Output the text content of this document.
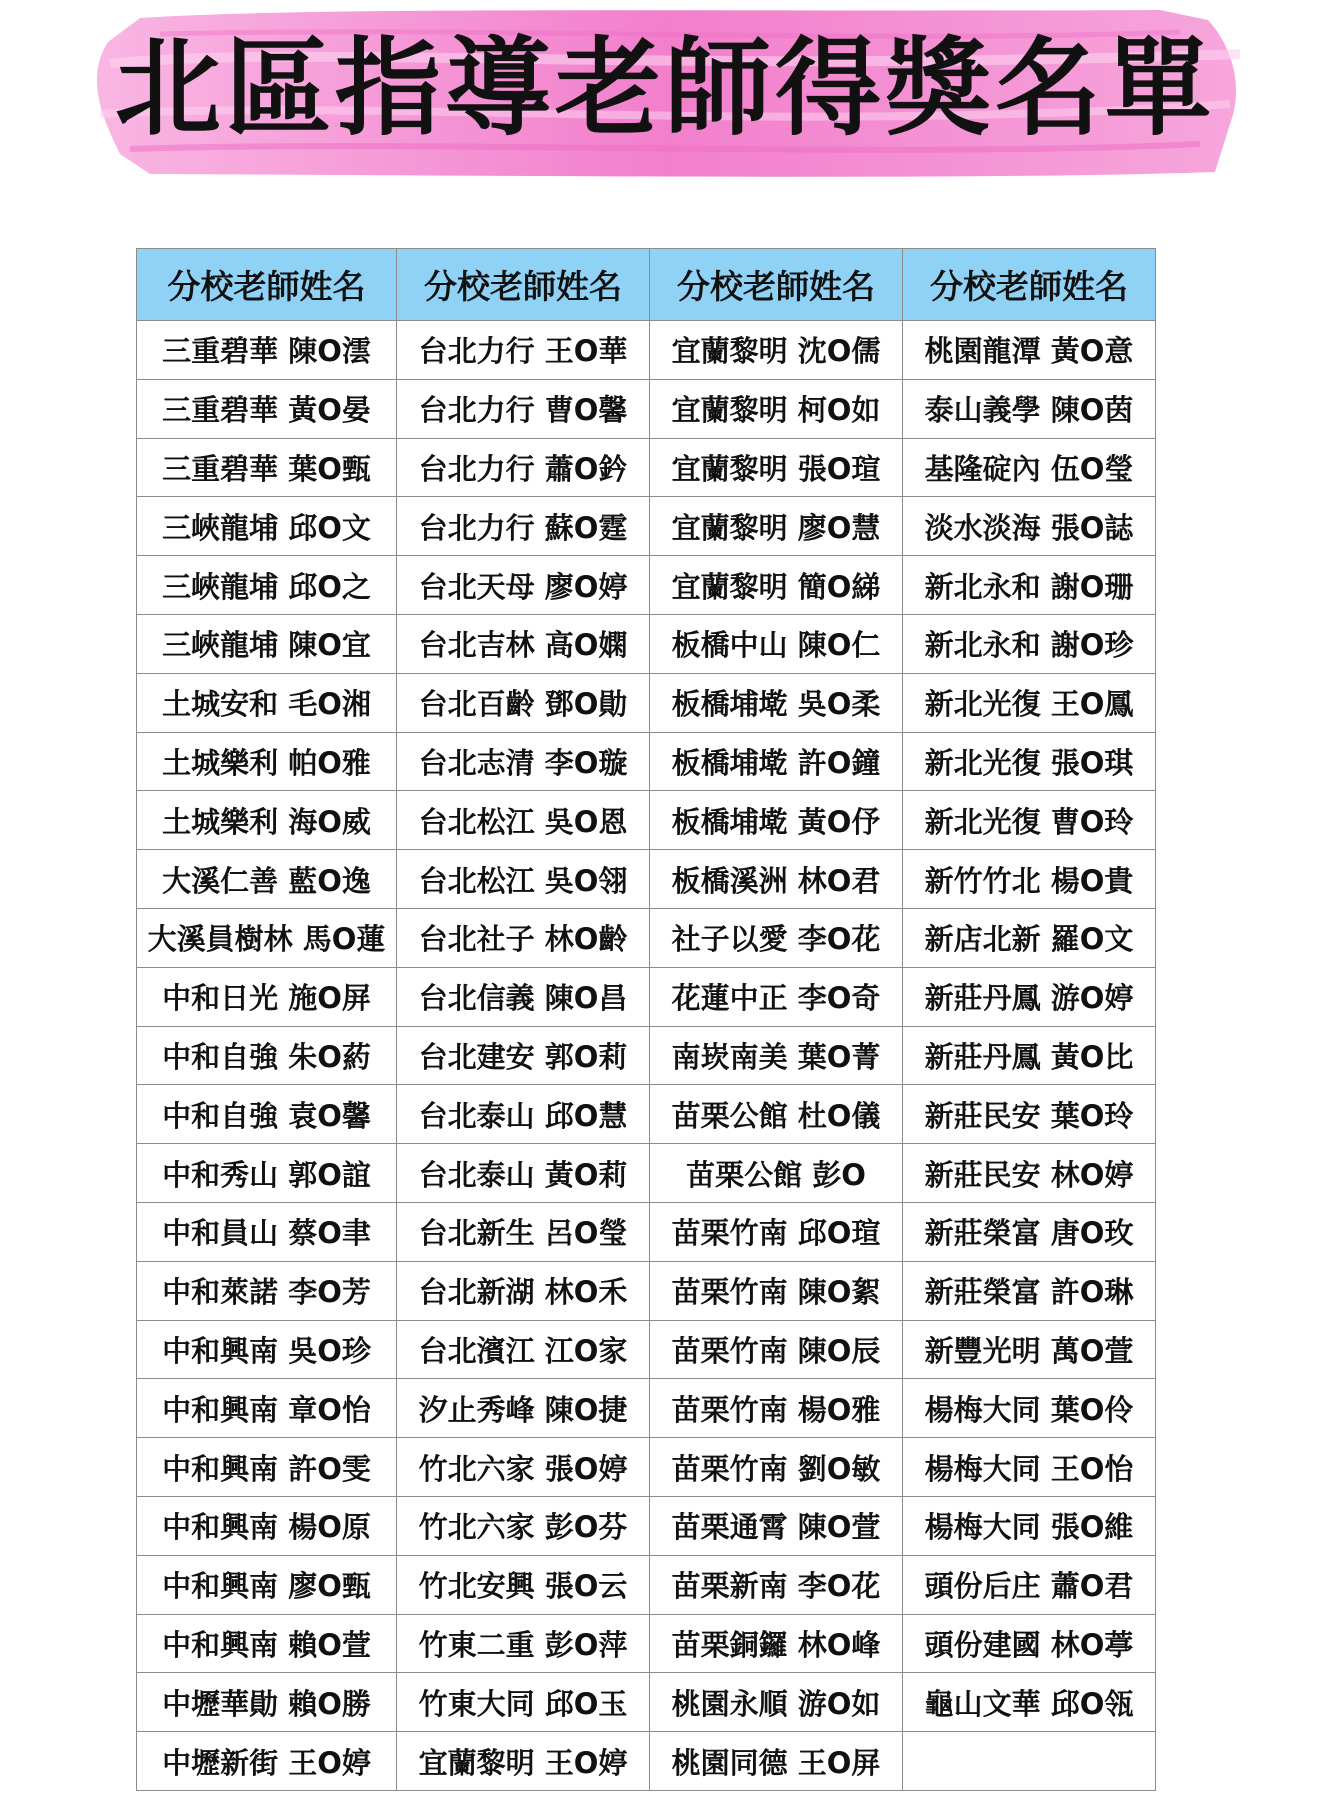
北區指導老師得獎名單
分校老師姓名	分校老師姓名	分校老師姓名	分校老師姓名
三重碧華 陳O澐	台北力行 王O華	宜蘭黎明 沈O儒	桃園龍潭 黃O意
三重碧華 黃O晏	台北力行 曹O馨	宜蘭黎明 柯O如	泰山義學 陳O茵
三重碧華 葉O甄	台北力行 蕭O鈐	宜蘭黎明 張O瑄	基隆碇內 伍O瑩
三峽龍埔 邱O文	台北力行 蘇O霆	宜蘭黎明 廖O慧	淡水淡海 張O誌
三峽龍埔 邱O之	台北天母 廖O婷	宜蘭黎明 簡O綈	新北永和 謝O珊
三峽龍埔 陳O宜	台北吉林 高O嫻	板橋中山 陳O仁	新北永和 謝O珍
土城安和 毛O湘	台北百齡 鄧O勛	板橋埔墘 吳O柔	新北光復 王O鳳
土城樂利 帕O雅	台北志清 李O璇	板橋埔墘 許O鐘	新北光復 張O琪
土城樂利 海O威	台北松江 吳O恩	板橋埔墘 黃O伃	新北光復 曹O玲
大溪仁善 藍O逸	台北松江 吳O翎	板橋溪洲 林O君	新竹竹北 楊O貴
大溪員樹林 馬O蓮	台北社子 林O齡	社子以愛 李O花	新店北新 羅O文
中和日光 施O屏	台北信義 陳O昌	花蓮中正 李O奇	新莊丹鳳 游O婷
中和自強 朱O葯	台北建安 郭O莉	南崁南美 葉O菁	新莊丹鳳 黃O比
中和自強 袁O馨	台北泰山 邱O慧	苗栗公館 杜O儀	新莊民安 葉O玲
中和秀山 郭O誼	台北泰山 黃O莉	苗栗公館 彭O	新莊民安 林O婷
中和員山 蔡O聿	台北新生 呂O瑩	苗栗竹南 邱O瑄	新莊榮富 唐O玫
中和萊諾 李O芳	台北新湖 林O禾	苗栗竹南 陳O絮	新莊榮富 許O琳
中和興南 吳O珍	台北濱江 江O家	苗栗竹南 陳O辰	新豐光明 萬O萱
中和興南 章O怡	汐止秀峰 陳O捷	苗栗竹南 楊O雅	楊梅大同 葉O伶
中和興南 許O雯	竹北六家 張O婷	苗栗竹南 劉O敏	楊梅大同 王O怡
中和興南 楊O原	竹北六家 彭O芬	苗栗通霄 陳O萱	楊梅大同 張O維
中和興南 廖O甄	竹北安興 張O云	苗栗新南 李O花	頭份后庄 蕭O君
中和興南 賴O萱	竹東二重 彭O萍	苗栗銅鑼 林O峰	頭份建國 林O葶
中壢華勛 賴O勝	竹東大同 邱O玉	桃園永順 游O如	龜山文華 邱O瓴
中壢新街 王O婷	宜蘭黎明 王O婷	桃園同德 王O屏	
